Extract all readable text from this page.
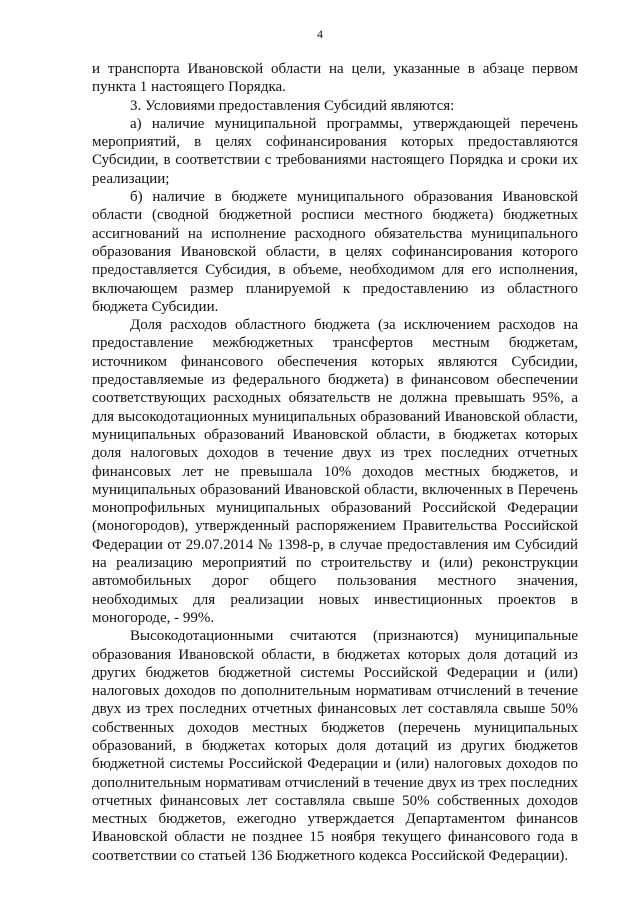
4

и транспорта Ивановской области на цели, указанные в абзаце первом пункта 1 настоящего Порядка.

3. Условиями предоставления Субсидий являются:

а) наличие муниципальной программы, утверждающей перечень мероприятий, в целях софинансирования которых предоставляются Субсидии, в соответствии с требованиями настоящего Порядка и сроки их реализации;

б) наличие в бюджете муниципального образования Ивановской области (сводной бюджетной росписи местного бюджета) бюджетных ассигнований на исполнение расходного обязательства муниципального образования Ивановской области, в целях софинансирования которого предоставляется Субсидия, в объеме, необходимом для его исполнения, включающем размер планируемой к предоставлению из областного бюджета Субсидии.

Доля расходов областного бюджета (за исключением расходов на предоставление межбюджетных трансфертов местным бюджетам, источником финансового обеспечения которых являются Субсидии, предоставляемые из федерального бюджета) в финансовом обеспечении соответствующих расходных обязательств не должна превышать 95%, а для высокодотационных муниципальных образований Ивановской области, муниципальных образований Ивановской области, в бюджетах которых доля налоговых доходов в течение двух из трех последних отчетных финансовых лет не превышала 10% доходов местных бюджетов, и муниципальных образований Ивановской области, включенных в Перечень монопрофильных муниципальных образований Российской Федерации (моногородов), утвержденный распоряжением Правительства Российской Федерации от 29.07.2014 № 1398-р, в случае предоставления им Субсидий на реализацию мероприятий по строительству и (или) реконструкции автомобильных дорог общего пользования местного значения, необходимых для реализации новых инвестиционных проектов в моногороде, - 99%.

Высокодотационными считаются (признаются) муниципальные образования Ивановской области, в бюджетах которых доля дотаций из других бюджетов бюджетной системы Российской Федерации и (или) налоговых доходов по дополнительным нормативам отчислений в течение двух из трех последних отчетных финансовых лет составляла свыше 50% собственных доходов местных бюджетов (перечень муниципальных образований, в бюджетах которых доля дотаций из других бюджетов бюджетной системы Российской Федерации и (или) налоговых доходов по дополнительным нормативам отчислений в течение двух из трех последних отчетных финансовых лет составляла свыше 50% собственных доходов местных бюджетов, ежегодно утверждается Департаментом финансов Ивановской области не позднее 15 ноября текущего финансового года в соответствии со статьей 136 Бюджетного кодекса Российской Федерации).
